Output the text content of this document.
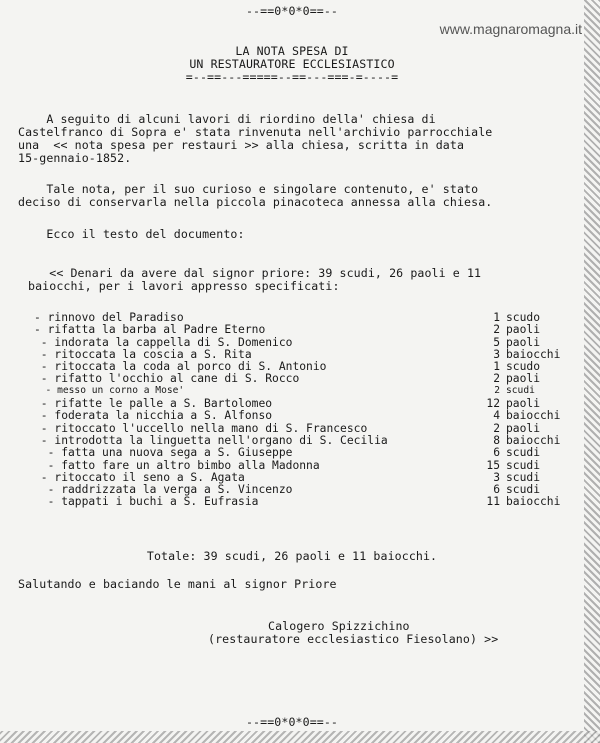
www.magnaromagna.it
--==0*0*0==--
LA NOTA SPESA DI
UN RESTAURATORE ECCLESIASTICO
=--==---=====--==---===-=----=
A seguito di alcuni lavori di riordino della' chiesa di
Castelfranco di Sopra e' stata rinvenuta nell'archivio parrocchiale
una  << nota spesa per restauri >> alla chiesa, scritta in data
15-gennaio-1852.
Tale nota, per il suo curioso e singolare contenuto, e' stato
deciso di conservarla nella piccola pinacoteca annessa alla chiesa.
Ecco il testo del documento:
<< Denari da avere dal signor priore: 39 scudi, 26 paoli e 11
baiocchi, per i lavori appresso specificati:
- rinnovo del Paradiso	1 scudo
- rifatta la barba al Padre Eterno	2 paoli
- indorata la cappella di S. Domenico	5 paoli
- ritoccata la coscia a S. Rita	3 baiocchi
- ritoccata la coda al porco di S. Antonio	1 scudo
- rifatto l'occhio al cane di S. Rocco	2 paoli
- messo un corno a Mose'	2 scudi
- rifatte le palle a S. Bartolomeo	12 paoli
- foderata la nicchia a S. Alfonso	4 baiocchi
- ritoccato l'uccello nella mano di S. Francesco	2 paoli
- introdotta la linguetta nell'organo di S. Cecilia	8 baiocchi
- fatta una nuova sega a S. Giuseppe	6 scudi
- fatto fare un altro bimbo alla Madonna	15 scudi
- ritoccato il seno a S. Agata	3 scudi
- raddrizzata la verga a S. Vincenzo	6 scudi
- tappati i buchi a S. Eufrasia	11 baiocchi
Totale: 39 scudi, 26 paoli e 11 baiocchi.
Salutando e baciando le mani al signor Priore
Calogero Spizzichino
(restauratore ecclesiastico Fiesolano) >>
--==0*0*0==--
